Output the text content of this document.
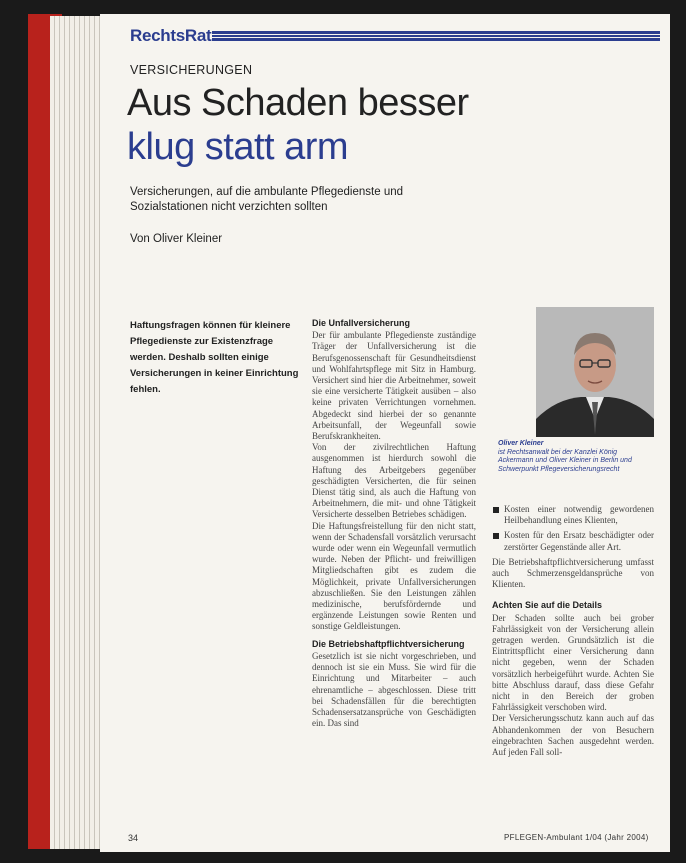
RechtsRat
VERSICHERUNGEN
Aus Schaden besser
klug statt arm
Versicherungen, auf die ambulante Pflegedienste und Sozialstationen nicht verzichten sollten
Von Oliver Kleiner
Haftungsfragen können für kleinere Pflegedienste zur Existenzfrage werden. Deshalb sollten einige Versicherungen in keiner Einrichtung fehlen.
Die Unfallversicherung

Der für ambulante Pflegedienste zuständige Träger der Unfallversicherung ist die Berufsgenossenschaft für Gesundheitsdienst und Wohlfahrtspflege mit Sitz in Hamburg. Versichert sind hier die Arbeitnehmer, soweit sie eine versicherte Tätigkeit ausüben – also keine privaten Verrichtungen vornehmen. Abgedeckt sind hierbei der so genannte Arbeitsunfall, der Wegeunfall sowie Berufskrankheiten.

Von der zivilrechtlichen Haftung ausgenommen ist hierdurch sowohl die Haftung des Arbeitgebers gegenüber geschädigten Versicherten, die für seinen Dienst tätig sind, als auch die Haftung von Arbeitnehmern, die mit- und ohne Tätigkeit Versicherte desselben Betriebes schädigen.

Die Haftungsfreistellung für den nicht statt, wenn der Schadensfall vorsätzlich verursacht wurde oder wenn ein Wegeunfall vermutlich wurde. Neben der Pflicht- und freiwilligen Mitgliedschaften gibt es zudem die Möglichkeit, private Unfallversicherungen abzuschließen. Sie den Leistungen zählen medizinische, berufsfördernde und ergänzende Leistungen sowie Renten und sonstige Geldleistungen.

Die Betriebshaftpflichtversicherung

Gesetzlich ist sie nicht vorgeschrieben, und dennoch ist sie ein Muss. Sie wird für die Einrichtung und Mitarbeiter – auch ehrenamtliche – abgeschlossen. Diese tritt bei Schadensfällen für die berechtigten Schadensersatzansprüche von Geschädigten ein. Das sind

Oliver Kleiner
ist Rechtsanwalt bei der Kanzlei König Ackermann und Oliver Kleiner in Berlin und Schwerpunkt Pflegeversicherungsrecht
Kosten einer notwendig gewordenen Heilbehandlung eines Klienten,
Kosten für den Ersatz beschädigter oder zerstörter Gegenstände aller Art.

Die Betriebshaftpflichtversicherung umfasst auch Schmerzensgeldansprüche von Klienten.

Achten Sie auf die Details

Der Schaden sollte auch bei grober Fahrlässigkeit von der Versicherung allein getragen werden. Grundsätzlich ist die Eintrittspflicht einer Versicherung dann nicht gegeben, wenn der Schaden vorsätzlich herbeigeführt wurde. Achten Sie bitte Abschluss darauf, dass diese Gefahr nicht in den Bereich der groben Fahrlässigkeit verschoben wird.

Der Versicherungsschutz kann auch auf das Abhandenkommen der von Besuchern eingebrachten Sachen ausgedehnt werden. Auf jeden Fall soll-

34	PFLEGEN-Ambulant 1/04 (Jahr 2004)
